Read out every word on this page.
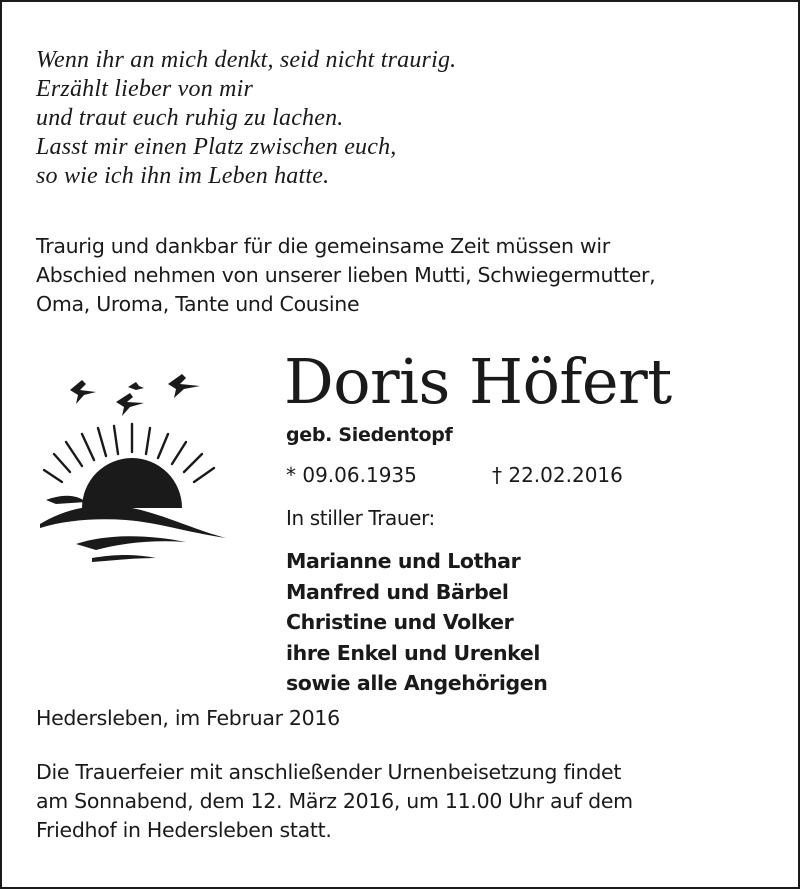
Wenn ihr an mich denkt, seid nicht traurig.
Erzählt lieber von mir
und traut euch ruhig zu lachen.
Lasst mir einen Platz zwischen euch,
so wie ich ihn im Leben hatte.
Traurig und dankbar für die gemeinsame Zeit müssen wir
Abschied nehmen von unserer lieben Mutti, Schwiegermutter,
Oma, Uroma, Tante und Cousine
Doris Höfert
geb. Siedentopf
* 09.06.1935	† 22.02.2016
In stiller Trauer:
Marianne und Lothar
Manfred und Bärbel
Christine und Volker
ihre Enkel und Urenkel
sowie alle Angehörigen
Hedersleben, im Februar 2016
Die Trauerfeier mit anschließender Urnenbeisetzung findet
am Sonnabend, dem 12. März 2016, um 11.00 Uhr auf dem
Friedhof in Hedersleben statt.
